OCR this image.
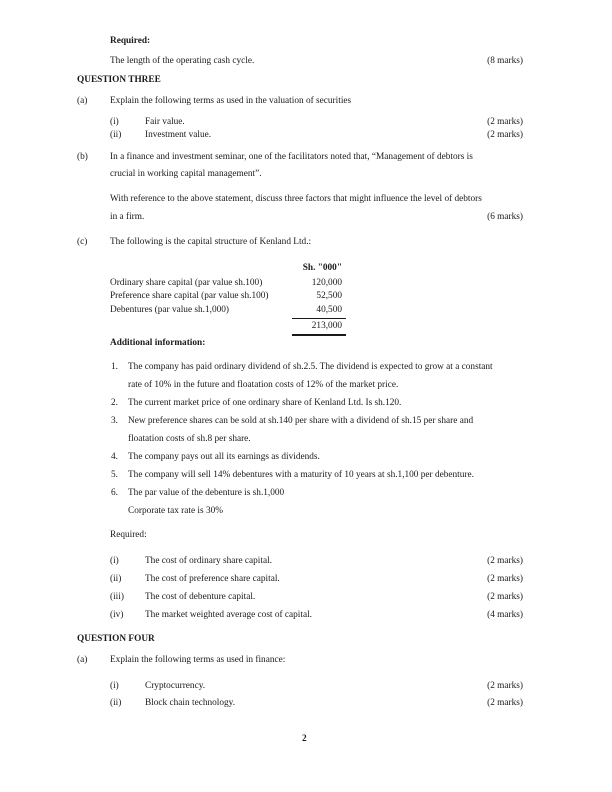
Required:
The length of the operating cash cycle.	(8 marks)
QUESTION THREE
(a) Explain the following terms as used in the valuation of securities
(i)	Fair value.	(2 marks)
(ii)	Investment value.	(2 marks)
(b) In a finance and investment seminar, one of the facilitators noted that, “Management of debtors is
crucial in working capital management”.
With reference to the above statement, discuss three factors that might influence the level of debtors
in a firm.	(6 marks)
(c) The following is the capital structure of Kenland Ltd.:
Sh. "000"
Ordinary share capital (par value sh.100)	120,000
Preference share capital (par value sh.100)	52,500
Debentures (par value sh.1,000)	40,500
213,000
Additional information:
1. The company has paid ordinary dividend of sh.2.5. The dividend is expected to grow at a constant
rate of 10% in the future and floatation costs of 12% of the market price.
2. The current market price of one ordinary share of Kenland Ltd. Is sh.120.
3. New preference shares can be sold at sh.140 per share with a dividend of sh.15 per share and
floatation costs of sh.8 per share.
4. The company pays out all its earnings as dividends.
5. The company will sell 14% debentures with a maturity of 10 years at sh.1,100 per debenture.
6. The par value of the debenture is sh.1,000
Corporate tax rate is 30%
Required:
(i)	The cost of ordinary share capital.	(2 marks)
(ii)	The cost of preference share capital.	(2 marks)
(iii) The cost of debenture capital.	(2 marks)
(iv) The market weighted average cost of capital.	(4 marks)
QUESTION FOUR
(a) Explain the following terms as used in finance:
(i)	Cryptocurrency.	(2 marks)
(ii)	Block chain technology.	(2 marks)
2
